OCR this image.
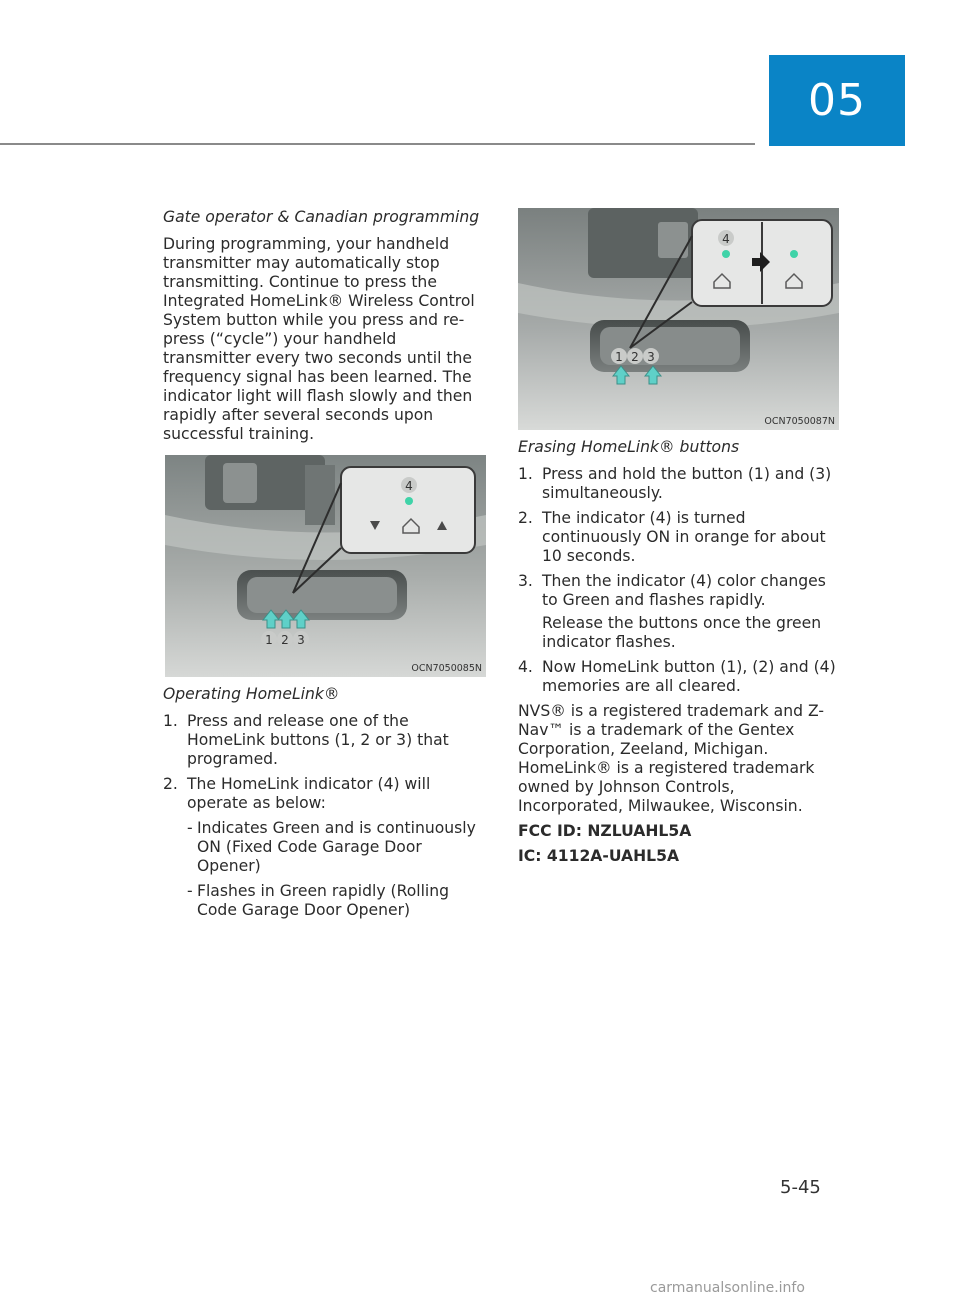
05
Gate operator & Canadian programming

During programming, your handheld transmitter may automatically stop transmitting. Continue to press the Integrated HomeLink® Wireless Control System button while you press and re-press (“cycle”) your handheld transmitter every two seconds until the frequency signal has been learned. The indicator light will flash slowly and then rapidly after several seconds upon successful training.

4
1 2 3
OCN7050085N
Operating HomeLink®
1. Press and release one of the HomeLink buttons (1, 2 or 3) that programed.
2. The HomeLink indicator (4) will operate as below:
- Indicates Green and is continuously ON (Fixed Code Garage Door Opener)
- Flashes in Green rapidly (Rolling Code Garage Door Opener)
4
1 2 3
OCN7050087N
Erasing HomeLink® buttons
1. Press and hold the button (1) and (3) simultaneously.
2. The indicator (4) is turned continuously ON in orange for about 10 seconds.
3. Then the indicator (4) color changes to Green and flashes rapidly.
Release the buttons once the green indicator flashes.
4. Now HomeLink button (1), (2) and (4) memories are all cleared.

NVS® is a registered trademark and Z-Nav™ is a trademark of the Gentex Corporation, Zeeland, Michigan. HomeLink® is a registered trademark owned by Johnson Controls, Incorporated, Milwaukee, Wisconsin.

FCC ID: NZLUAHL5A
IC: 4112A-UAHL5A
5-45
carmanualsonline.info
